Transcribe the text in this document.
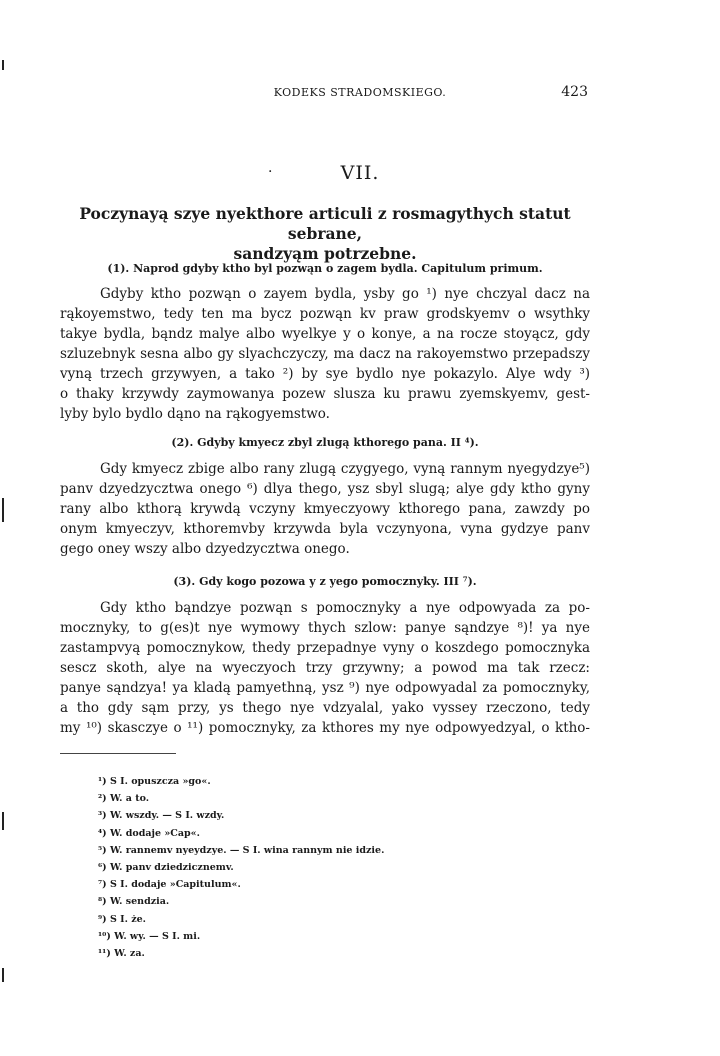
KODEKS STRADOMSKIEGO.	423
·	VII.
Poczynayą szye nyekthore articuli z rosmagythych statut sebrane,
sandzyąm potrzebne.
(1). Naprod gdyby ktho byl pozwąn o zagem bydla. Capitulum primum.
Gdyby ktho pozwąn o zayem bydla, ysby go ¹) nye chczyal dacz na
rąkoyemstwo, tedy ten ma bycz pozwąn kv praw grodskyemv o wsythky
takye bydla, bąndz malye albo wyelkye y o konye, a na rocze stoyącz, gdy
szluzebnyk sesna albo gy slyachczyczy, ma dacz na rakoyemstwo przepadszy
vyną trzech grzywyen, a tako ²) by sye bydlo nye pokazylo. Alye wdy ³)
o thaky krzywdy zaymowanya pozew slusza ku prawu zyemskyemv, gest-
lyby bylo bydlo dąno na rąkogyemstwo.
(2). Gdyby kmyecz zbyl zlugą kthorego pana. II ⁴).
Gdy kmyecz zbige albo rany zlugą czygyego, vyną rannym nyegydzye⁵)
panv dzyedzycztwa onego ⁶) dlya thego, ysz sbyl slugą; alye gdy ktho gyny
rany albo kthorą krywdą vczyny kmyeczyowy kthorego pana, zawzdy po
onym kmyeczyv, kthoremvby krzywda byla vczynyona, vyna gydzye panv
gego oney wszy albo dzyedzycztwa onego.
(3). Gdy kogo pozowa y z yego pomocznyky. III ⁷).
Gdy ktho bąndzye pozwąn s pomocznyky a nye odpowyada za po-
mocznyky, to g(es)t nye wymowy thych szlow: panye sąndzye ⁸)! ya nye
zastampvyą pomocznykow, thedy przepadnye vyny o koszdego pomocznyka
sescz skoth, alye na wyeczyoch trzy grzywny; a powod ma tak rzecz:
panye sąndzya! ya kladą pamyethną, ysz ⁹) nye odpowyadal za pomocznyky,
a tho gdy sąm przy, ys thego nye vdzyalal, yako vyssey rzeczono, tedy
my ¹⁰) skasczye o ¹¹) pomocznyky, za kthores my nye odpowyedzyal, o ktho-
¹) S I. opuszcza »go«.
²) W. a to.
³) W. wszdy. — S I. wzdy.
⁴) W. dodaje »Cap«.
⁵) W. rannemv nyeydzye. — S I. wina rannym nie idzie.
⁶) W. panv dziedzicznemv.
⁷) S I. dodaje »Capitulum«.
⁸) W. sendzia.
⁹) S I. że.
¹⁰) W. wy. — S I. mi.
¹¹) W. za.
